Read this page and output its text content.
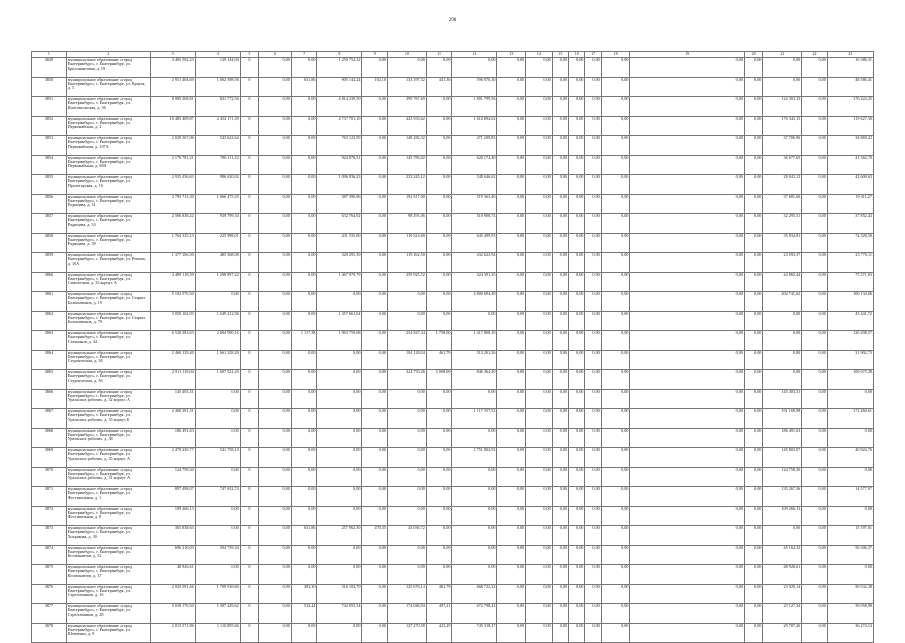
298
1	2	3	4	5	6	7	8	9	10	11	12	13	14	15	16	17	18	19	20	21	22	23
3849	муниципальное образование «город Екатеринбург», г. Екатеринбург, ул. Бриллиантовая, д. 19	3 465 592,23	139 144,94	0	0,00	0,00	1 250 754,32	0,00	0,00	0,00	0,00	0,00	0,00	0,00	0,00	0,00	0,00	0,00	0,00	0,00	0,00	16 386,31
3850	муниципальное образование «город Екатеринбург», г. Екатеринбург, ул. Крауля, д. 5	2 951 404,69	1 002 398,56	0	0,00	631,86	905 144,24	102,10	133 197,32	441,36	596 876,30	0,00	0,00	0,00	0,00	0,00	0,00	0,00	0,00	0,00	0,00	46 586,41
3851	муниципальное образование «город Екатеринбург», г. Екатеринбург, ул. Комсомольская, д. 36	8 085 268,81	831 772,56	0	0,00	0,00	4 814 239,50	0,00	399 767,69	0,00	1 801 799,56	0,00	0,00	0,00	0,00	0,00	0,00	0,00	0,00	122 303,33	0,00	176 224,25
3852	муниципальное образование «город Екатеринбург», г. Екатеринбург, ул. Первомайская, д. 2	10 485 409,87	2 454 171,39	0	0,00	0,00	4 737 701,10	0,00	423 933,62	0,00	1 610 894,02	0,00	0,00	0,00	0,00	0,00	0,00	0,00	0,00	176 343,15	0,00	119 627,30
3853	муниципальное образование «город Екатеринбург», г. Екатеринбург, ул. Первомайская, д. 107А	2 029 367,06	543 622,64	0	0,00	0,00	763 123,59	0,00	148 282,32	0,00	471 209,83	0,00	0,00	0,00	0,00	0,00	0,00	0,00	0,00	37 706,96	0,00	34 869,22
3854	муниципальное образование «город Екатеринбург», г. Екатеринбург, ул. Первомайская, д. 68А	2 170 781,21	786 111,22	0	0,00	0,00	924 070,31	0,00	145 783,02	0,00	620 172,40	0,00	0,00	0,00	0,00	0,00	0,00	0,00	0,00	36 677,65	0,00	41 362,70
3855	муниципальное образование «город Екатеринбург», г. Екатеринбург, ул. Пролетарская, д. 16	2 935 436,63	986 620,02	0	0,00	0,00	1 096 836,23	0,00	233 245,12	0,00	548 646,62	0,00	0,00	0,00	0,00	0,00	0,00	0,00	0,00	28 043,12	0,00	42 600,63
3856	муниципальное образование «город Екатеринбург», г. Екатеринбург, ул. Радищева, д. 31	2 795 713,30	1 666 475,35	0	0,00	0,00	387 390,96	0,00	192 617,00	0,00	519 363,40	0,00	0,00	0,00	0,00	0,00	0,00	0,00	0,00	37 681,60	0,00	19 411,27
3857	муниципальное образование «город Екатеринбург», г. Екатеринбург, ул. Радищева, д. 33	2 506 838,42	939 799,34	0	0,00	0,00	632 764,92	0,00	98 291,06	0,00	510 908,74	0,00	0,00	0,00	0,00	0,00	0,00	0,00	0,00	32 295,31	0,00	37 852,43
3858	муниципальное образование «город Екатеринбург», г. Екатеринбург, ул. Радищева, д. 39	1 764 325,13	225 998,01	0	0,00	0,00	431 535,00	0,00	119 323,69	0,00	645 499,93	0,00	0,00	0,00	0,00	0,00	0,00	0,00	0,00	35 834,81	0,00	74 328,50
3859	муниципальное образование «город Екатеринбург», г. Екатеринбург, ул. Репина, д. 10А	1 377 106,50	485 568,08	0	0,00	0,00	320 295,30	0,00	119 162,50	0,00	432 623,94	0,00	0,00	0,00	0,00	0,00	0,00	0,00	0,00	23 593,37	0,00	23 770,11
3860	муниципальное образование «город Екатеринбург», г. Екатеринбург, ул. Самолетная, д. 33 корпус А	3 489 118,59	1 208 897,22	0	0,00	0,00	1 467 979,79	0,00	259 923,52	0,00	424 391,25	0,00	0,00	0,00	0,00	0,00	0,00	0,00	0,00	44 865,44	0,00	75 371,03
3861	муниципальное образование «город Екатеринбург», г. Екатеринбург, ул. Старых Большевиков, д. 19	5 102 570,30	0,00	0	0,00	0,00	0,00	0,00	0,00	0,00	4 800 694,48	0,00	0,00	0,00	0,00	0,00	0,00	0,00	0,00	202 741,62	0,00	100 134,06
3862	муниципальное образование «город Екатеринбург», г. Екатеринбург, ул. Старых Большевиков, д. 79	3 050 104,93	1 649 212,96	0	0,00	0,00	1 357 661,64	0,00	0,00	0,00	0,00	0,00	0,00	0,00	0,00	0,00	0,00	0,00	0,00	0,00	0,00	43 441,72
3863	муниципальное образование «город Екатеринбург», г. Екатеринбург, ул. Стачников, д. 44	6 520 383,63	2 004 990,16	0	0,00	1 117,38	1 963 759,68	0,00	254 847,34	1 758,00	1 417 808,10	0,00	0,00	0,00	0,00	0,00	0,00	0,00	0,00	0,00	0,00	126 298,57
3864	муниципальное образование «город Екатеринбург», г. Екатеринбург, ул. Студенческая, д. 38	2 460 129,40	1 661 328,20	0	0,00	0,00	0,00	0,00	194 128,04	461,79	513 201,26	0,00	0,00	0,00	0,00	0,00	0,00	0,00	0,00	0,00	0,00	31 902,73
3865	муниципальное образование «город Екатеринбург», г. Екатеринбург, ул. Студенческая, д. 56	2 911 118,04	1 607 521,20	0	0,00	0,00	0,00	0,00	324 735,26	5 008,00	846 364,20	0,00	0,00	0,00	0,00	0,00	0,00	0,00	0,00	0,00	0,00	109 675,38
3866	муниципальное образование «город Екатеринбург», г. Екатеринбург, ул. Уральских рабочих, д. 32 корпус А	145 403,31	0,00	0	0,00	0,00	0,00	0,00	0,00	0,00	0,00	0,00	0,00	0,00	0,00	0,00	0,00	0,00	0,00	145 403,31	0,00	0,00
3867	муниципальное образование «город Екатеринбург», г. Екатеринбург, ул. Уральских рабочих, д. 35 корпус Б	2 468 381,31	0,00	0	0,00	0,00	0,00	0,00	0,00	0,00	1 117 357,52	0,00	0,00	0,00	0,00	0,00	0,00	0,00	0,00	191 169,98	0,00	172 260,61
3868	муниципальное образование «город Екатеринбург», г. Екатеринбург, ул. Уральских рабочих, д. 38	186 491,63	0,00	0	0,00	0,00	0,00	0,00	0,00	0,00	0,00	0,00	0,00	0,00	0,00	0,00	0,00	0,00	0,00	186 491,63	0,00	0,00
3869	муниципальное образование «город Екатеринбург», г. Екатеринбург, ул. Уральских рабочих, д. 35 корпус А	2 479 230,77	541 758,10	0	0,00	0,00	0,00	0,00	0,00	0,00	1 751 802,92	0,00	0,00	0,00	0,00	0,00	0,00	0,00	0,00	145 803,07	0,00	40 824,76
3870	муниципальное образование «город Екатеринбург», г. Екатеринбург, ул. Уральских рабочих, д. 31 корпус А	124 758,30	0,00	0	0,00	0,00	0,00	0,00	0,00	0,00	0,00	0,00	0,00	0,00	0,00	0,00	0,00	0,00	0,00	124 758,30	0,00	0,00
3871	муниципальное образование «город Екатеринбург», г. Екатеринбург, ул. Фестивальная, д. 1	897 498,07	747 652,74	0	0,00	0,00	0,00	0,00	0,00	0,00	0,00	0,00	0,00	0,00	0,00	0,00	0,00	0,00	0,00	135 267,36	0,00	14 577,97
3872	муниципальное образование «город Екатеринбург», г. Екатеринбург, ул. Фестивальная, д. 8	109 266,13	0,00	0	0,00	0,00	0,00	0,00	0,00	0,00	0,00	0,00	0,00	0,00	0,00	0,00	0,00	0,00	0,00	109 266,13	0,00	0,00
3873	муниципальное образование «город Екатеринбург», г. Екатеринбург, ул. Хохрякова, д. 30	365 838,63	0,00	0	0,00	631,86	257 962,30	470,35	43 036,72	0,00	0,00	0,00	0,00	0,00	0,00	0,00	0,00	0,00	0,00	0,00	0,00	15 397,01
3874	муниципальное образование «город Екатеринбург», г. Екатеринбург, ул. Космонавтов, д. 52	696 210,03	594 739,34	0	0,00	0,00	0,00	0,00	0,00	0,00	0,00	0,00	0,00	0,00	0,00	0,00	0,00	0,00	0,00	45 164,32	0,00	56 306,37
3875	муниципальное образование «город Екатеринбург», г. Екатеринбург, ул. Космонавтов, д. 37	48 926,61	0,00	0	0,00	0,00	0,00	0,00	0,00	0,00	0,00	0,00	0,00	0,00	0,00	0,00	0,00	0,00	0,00	48 926,61	0,00	0,00
3876	муниципальное образование «город Екатеринбург», г. Екатеринбург, ул. Стрелочников, д. 16	2 925 581,46	1 709 910,60	0	0,00	493,30	316 103,70	0,00	125 676,14	461,79	668 722,32	0,00	0,00	0,00	0,00	0,00	0,00	0,00	0,00	23 020,14	0,00	50 532,38
3877	муниципальное образование «город Екатеринбург», г. Екатеринбург, ул. Стрелочников, д. 28	3 039 170,50	1 387 229,62	0	0,00	532,44	742 055,34	0,00	174 046,94	497,21	672 798,42	0,00	0,00	0,00	0,00	0,00	0,00	0,00	0,00	23 127,34	0,00	39 058,98
3878	муниципальное образование «город Екатеринбург», г. Екатеринбург, ул. Шевченко, д. 9	2 013 571,86	1 110 895,66	0	0,00	0,00	0,00	0,00	127 270,58	423,29	745 318,37	0,00	0,00	0,00	0,00	0,00	0,00	0,00	0,00	29 787,26	0,00	36 274,14
